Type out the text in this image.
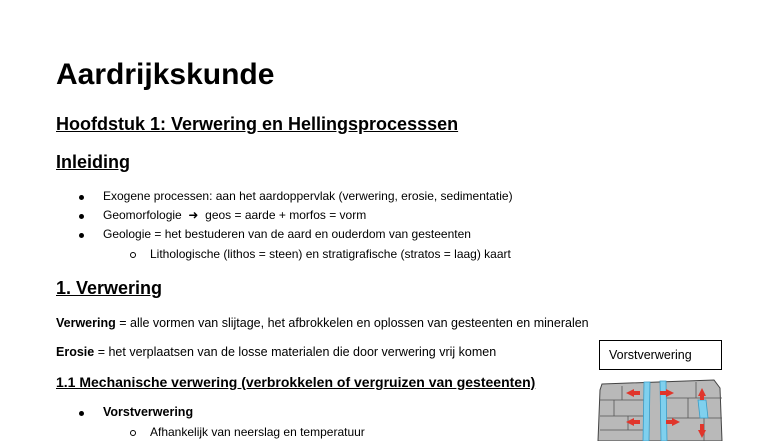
Aardrijkskunde
Hoofdstuk 1: Verwering en Hellingsprocesssen
Inleiding
Exogene processen: aan het aardoppervlak (verwering, erosie, sedimentatie)
Geomorfologie  ➜  geos = aarde + morfos = vorm
Geologie = het bestuderen van de aard en ouderdom van gesteenten
Lithologische (lithos = steen) en stratigrafische (stratos = laag) kaart
1. Verwering
Verwering = alle vormen van slijtage, het afbrokkelen en oplossen van gesteenten en mineralen
Erosie = het verplaatsen van de losse materialen die door verwering vrij komen
1.1 Mechanische verwering (verbrokkelen of vergruizen van gesteenten)
Vorstverwering
Afhankelijk van neerslag en temperatuur
Vorstverwering
